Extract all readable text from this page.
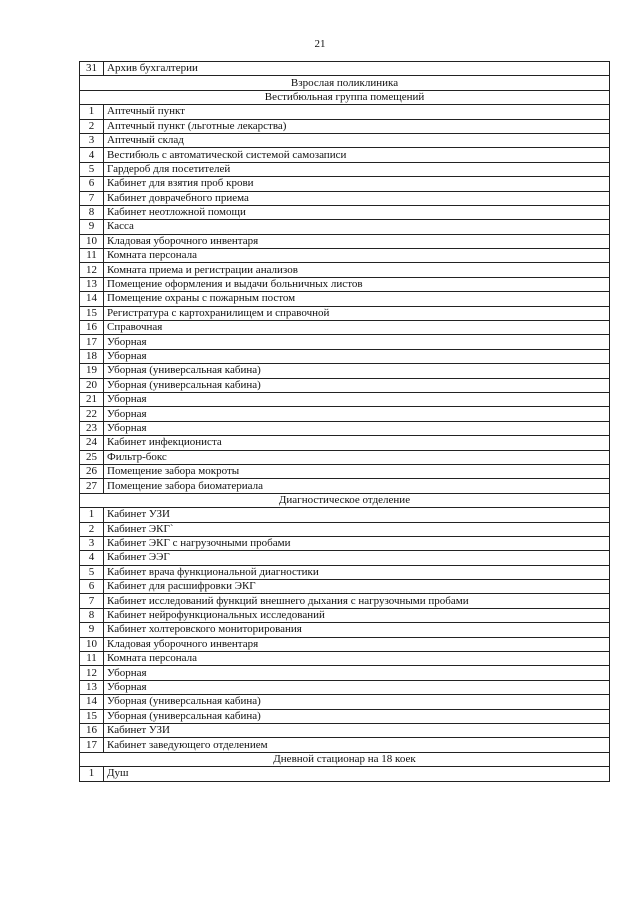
21
31	Архив бухгалтерии
Взрослая поликлиника	
Вестибюльная группа помещений	
1	Аптечный пункт
2	Аптечный пункт (льготные лекарства)
3	Аптечный склад
4	Вестибюль с автоматической системой самозаписи
5	Гардероб для посетителей
6	Кабинет для взятия проб крови
7	Кабинет доврачебного приема
8	Кабинет неотложной помощи
9	Касса
10	Кладовая уборочного инвентаря
11	Комната персонала
12	Комната приема и регистрации анализов
13	Помещение оформления и выдачи больничных листов
14	Помещение охраны с пожарным постом
15	Регистратура с картохранилищем и справочной
16	Справочная
17	Уборная
18	Уборная
19	Уборная (универсальная кабина)
20	Уборная (универсальная кабина)
21	Уборная
22	Уборная
23	Уборная
24	Кабинет инфекциониста
25	Фильтр-бокс
26	Помещение забора мокроты
27	Помещение забора биоматериала
Диагностическое отделение	
1	Кабинет УЗИ
2	Кабинет ЭКГ`
3	Кабинет ЭКГ с нагрузочными пробами
4	Кабинет ЭЭГ
5	Кабинет врача функциональной диагностики
6	Кабинет для расшифровки ЭКГ
7	Кабинет исследований функций внешнего дыхания с нагрузочными пробами
8	Кабинет нейрофункциональных исследований
9	Кабинет холтеровского мониторирования
10	Кладовая уборочного инвентаря
11	Комната персонала
12	Уборная
13	Уборная
14	Уборная (универсальная кабина)
15	Уборная (универсальная кабина)
16	Кабинет УЗИ
17	Кабинет заведующего отделением
Дневной стационар на 18 коек	
1	Душ
